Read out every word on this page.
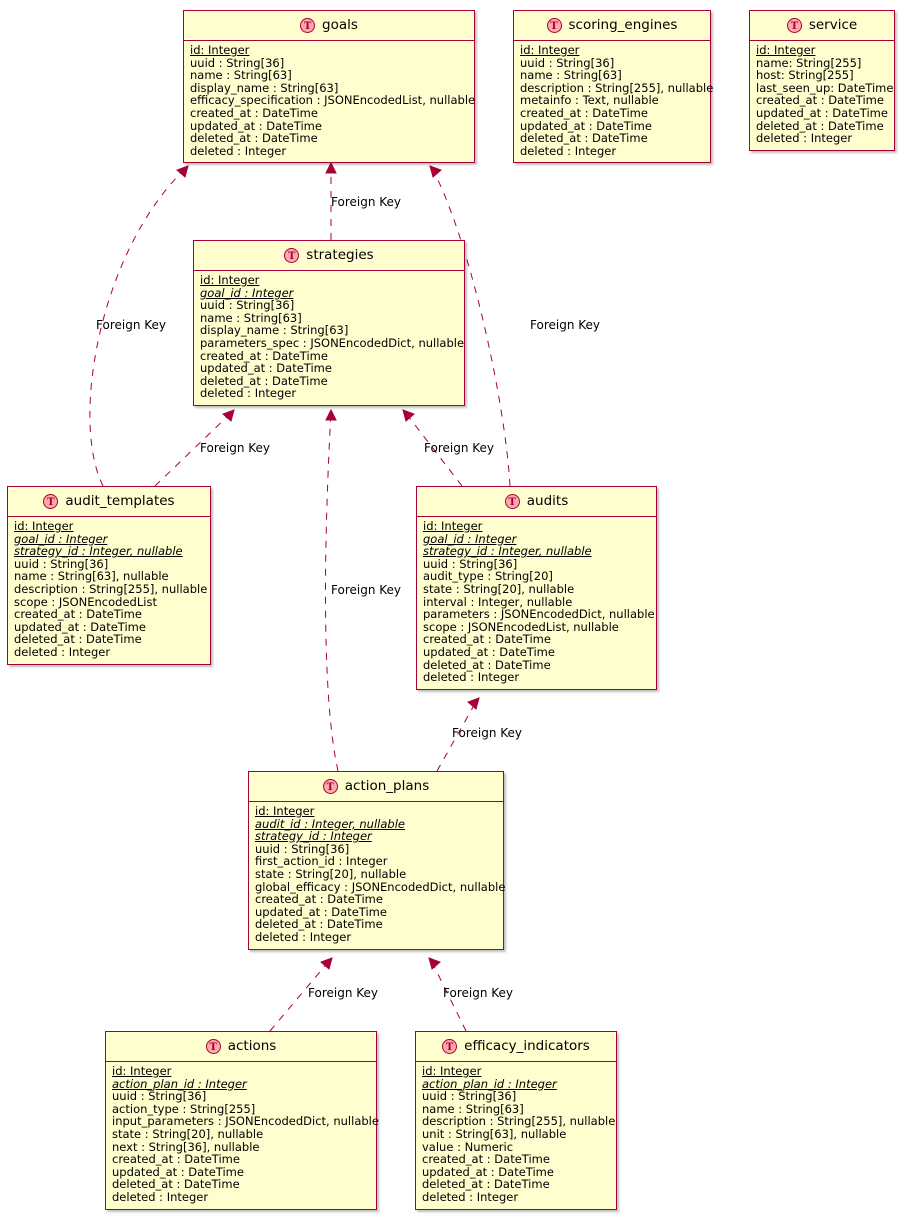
Foreign Key
Foreign Key	Foreign Key
Foreign Key	Foreign Key
Foreign Key
Foreign Key
Foreign Key	Foreign Key
T goals
id: Integer
uuid : String[36]
name : String[63]
display_name : String[63]
efficacy_specification : JSONEncodedList, nullable
created_at : DateTime
updated_at : DateTime
deleted_at : DateTime
deleted : Integer
T scoring_engines
id: Integer
uuid : String[36]
name : String[63]
description : String[255], nullable
metainfo : Text, nullable
created_at : DateTime
updated_at : DateTime
deleted_at : DateTime
deleted : Integer
T service
id: Integer
name: String[255]
host: String[255]
last_seen_up: DateTime
created_at : DateTime
updated_at : DateTime
deleted_at : DateTime
deleted : Integer
T strategies
id: Integer
goal_id : Integer
uuid : String[36]
name : String[63]
display_name : String[63]
parameters_spec : JSONEncodedDict, nullable
created_at : DateTime
updated_at : DateTime
deleted_at : DateTime
deleted : Integer
T audit_templates
id: Integer
goal_id : Integer
strategy_id : Integer, nullable
uuid : String[36]
name : String[63], nullable
description : String[255], nullable
scope : JSONEncodedList
created_at : DateTime
updated_at : DateTime
deleted_at : DateTime
deleted : Integer
T audits
id: Integer
goal_id : Integer
strategy_id : Integer, nullable
uuid : String[36]
audit_type : String[20]
state : String[20], nullable
interval : Integer, nullable
parameters : JSONEncodedDict, nullable
scope : JSONEncodedList, nullable
created_at : DateTime
updated_at : DateTime
deleted_at : DateTime
deleted : Integer
T action_plans
id: Integer
audit_id : Integer, nullable
strategy_id : Integer
uuid : String[36]
first_action_id : Integer
state : String[20], nullable
global_efficacy : JSONEncodedDict, nullable
created_at : DateTime
updated_at : DateTime
deleted_at : DateTime
deleted : Integer
T actions
id: Integer
action_plan_id : Integer
uuid : String[36]
action_type : String[255]
input_parameters : JSONEncodedDict, nullable
state : String[20], nullable
next : String[36], nullable
created_at : DateTime
updated_at : DateTime
deleted_at : DateTime
deleted : Integer
T efficacy_indicators
id: Integer
action_plan_id : Integer
uuid : String[36]
name : String[63]
description : String[255], nullable
unit : String[63], nullable
value : Numeric
created_at : DateTime
updated_at : DateTime
deleted_at : DateTime
deleted : Integer
